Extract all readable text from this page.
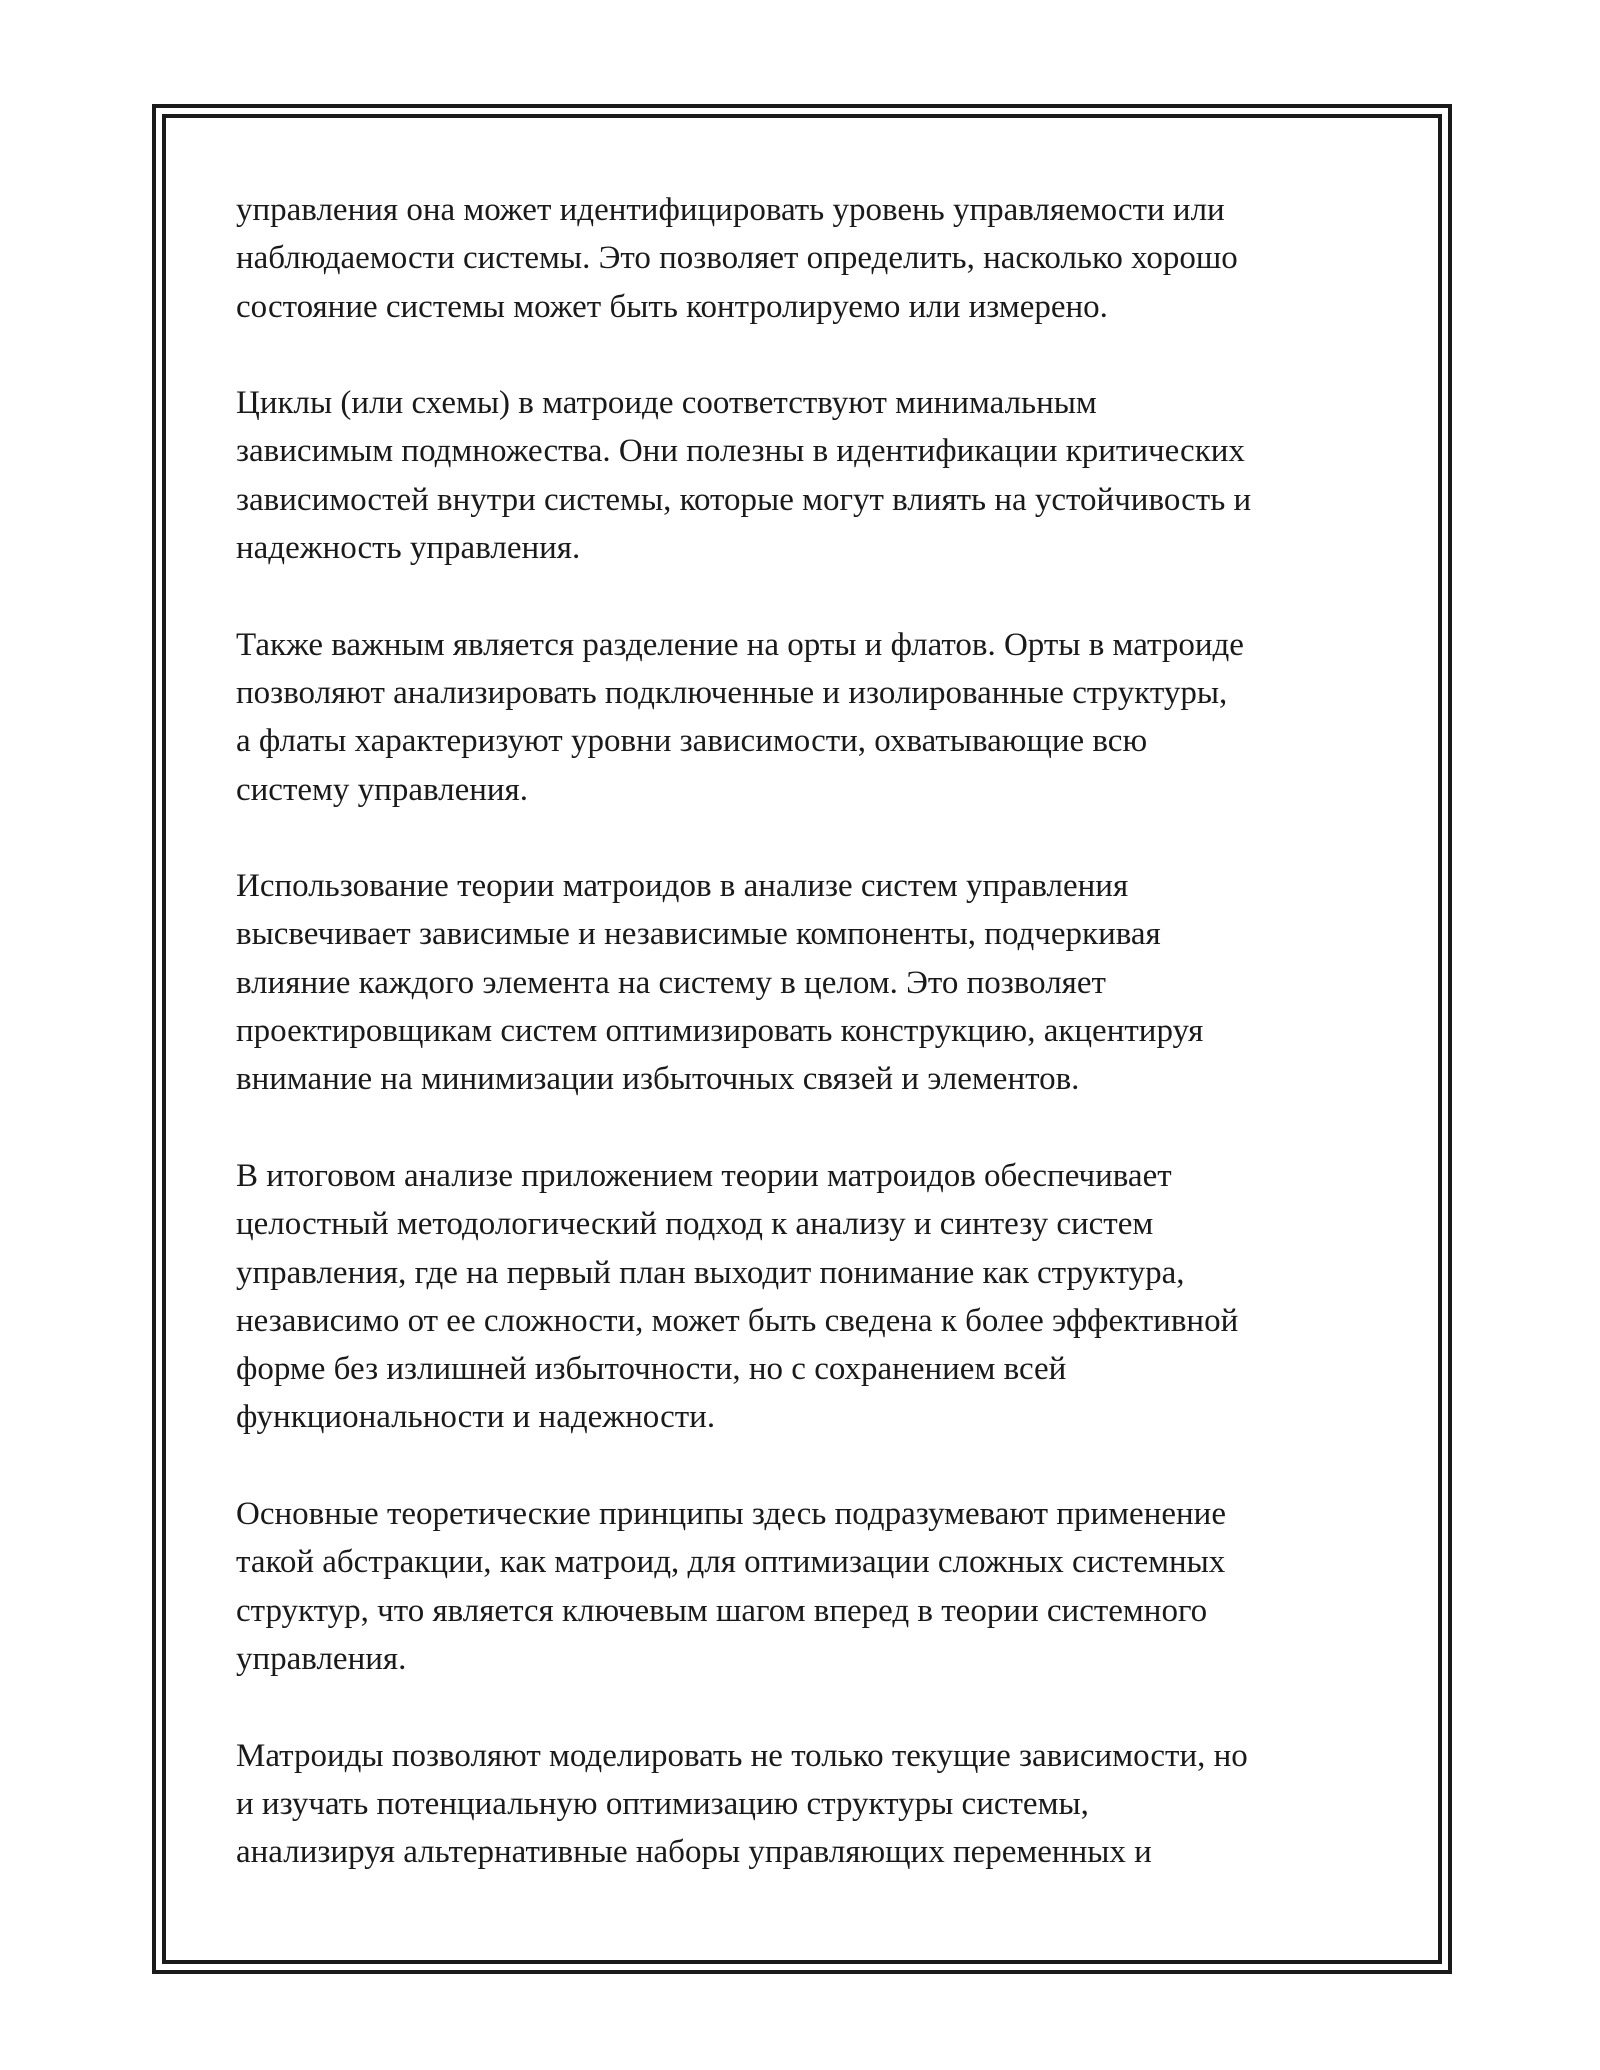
управления она может идентифицировать уровень управляемости или
наблюдаемости системы. Это позволяет определить, насколько хорошо
состояние системы может быть контролируемо или измерено.

Циклы (или схемы) в матроиде соответствуют минимальным
зависимым подмножества. Они полезны в идентификации критических
зависимостей внутри системы, которые могут влиять на устойчивость и
надежность управления.

Также важным является разделение на орты и флатов. Орты в матроиде
позволяют анализировать подключенные и изолированные структуры,
а флаты характеризуют уровни зависимости, охватывающие всю
систему управления.

Использование теории матроидов в анализе систем управления
высвечивает зависимые и независимые компоненты, подчеркивая
влияние каждого элемента на систему в целом. Это позволяет
проектировщикам систем оптимизировать конструкцию, акцентируя
внимание на минимизации избыточных связей и элементов.

В итоговом анализе приложением теории матроидов обеспечивает
целостный методологический подход к анализу и синтезу систем
управления, где на первый план выходит понимание как структура,
независимо от ее сложности, может быть сведена к более эффективной
форме без излишней избыточности, но с сохранением всей
функциональности и надежности.

Основные теоретические принципы здесь подразумевают применение
такой абстракции, как матроид, для оптимизации сложных системных
структур, что является ключевым шагом вперед в теории системного
управления.

Матроиды позволяют моделировать не только текущие зависимости, но
и изучать потенциальную оптимизацию структуры системы,
анализируя альтернативные наборы управляющих переменных и
